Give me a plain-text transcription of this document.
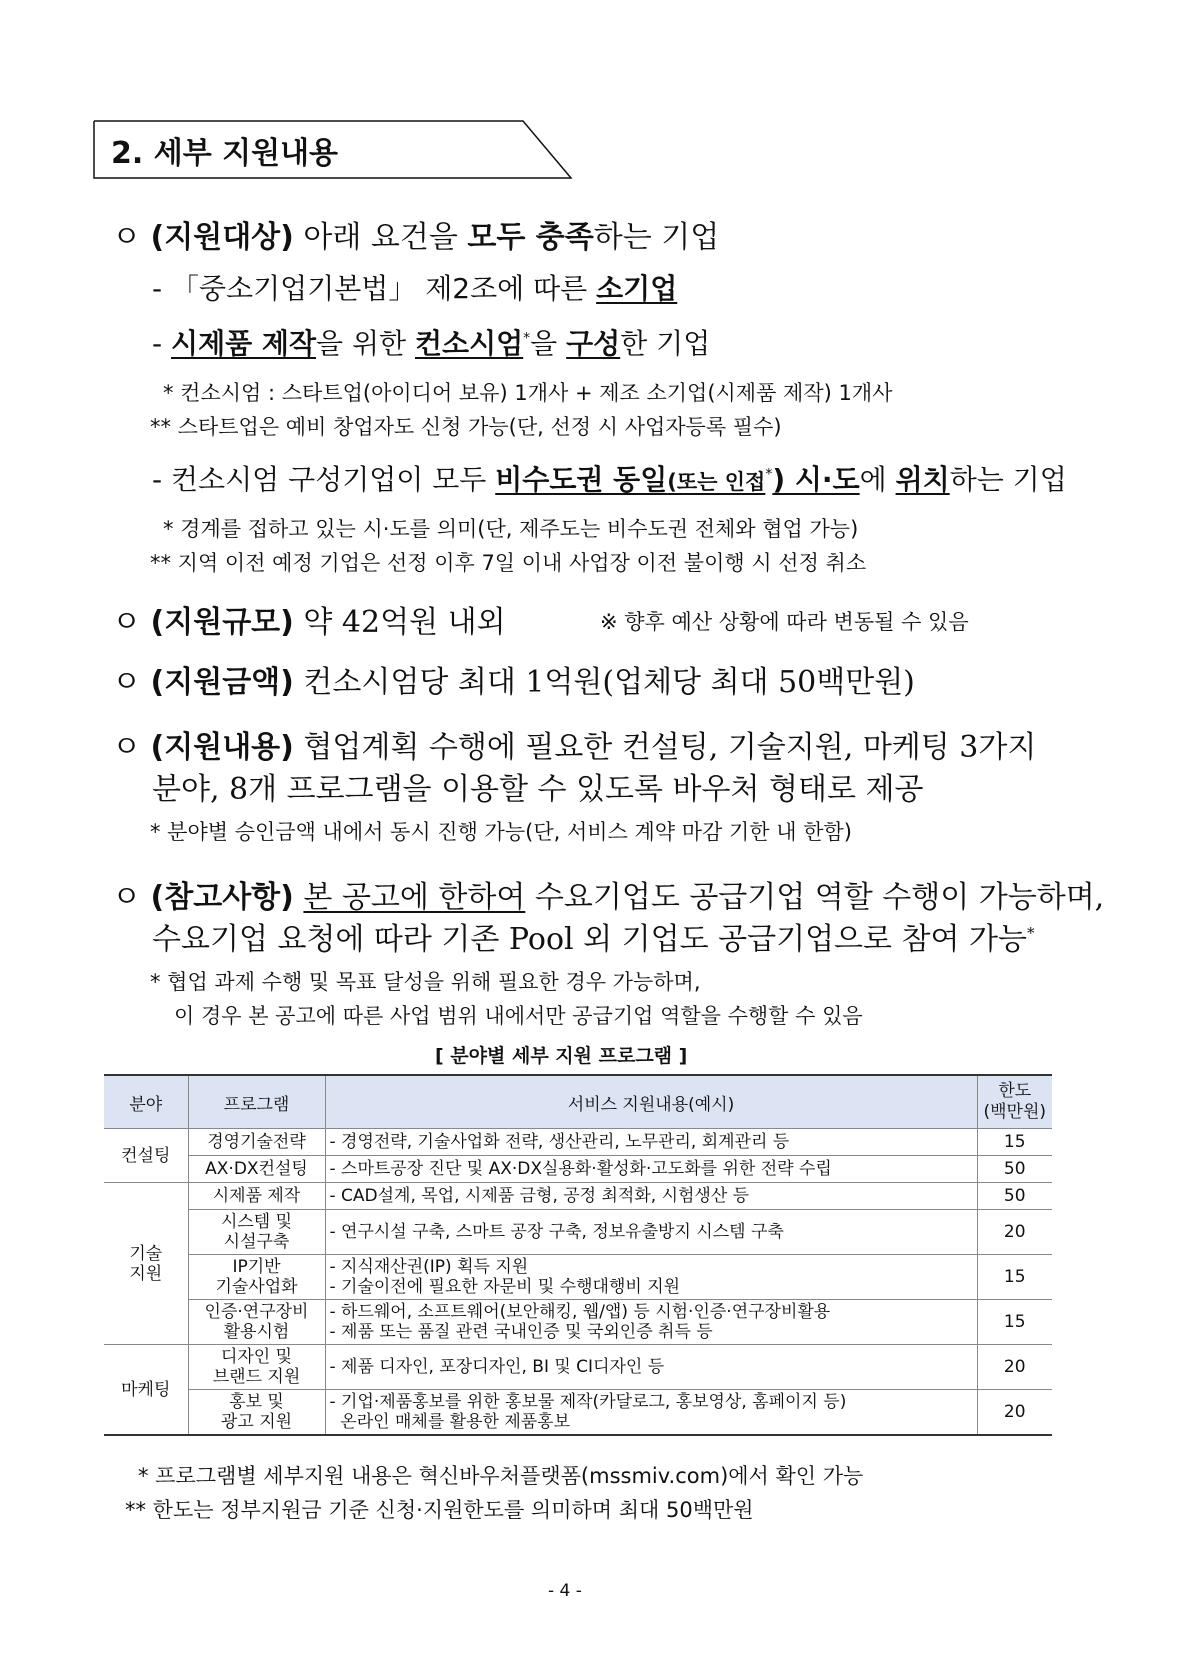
2. 세부 지원내용
ㅇ (지원대상) 아래 요건을 모두 충족하는 기업
- 「중소기업기본법」 제2조에 따른 소기업
- 시제품 제작을 위한 컨소시엄*을 구성한 기업
* 컨소시엄 : 스타트업(아이디어 보유) 1개사 + 제조 소기업(시제품 제작) 1개사
** 스타트업은 예비 창업자도 신청 가능(단, 선정 시 사업자등록 필수)
- 컨소시엄 구성기업이 모두 비수도권 동일(또는 인접*) 시·도에 위치하는 기업
* 경계를 접하고 있는 시·도를 의미(단, 제주도는 비수도권 전체와 협업 가능)
** 지역 이전 예정 기업은 선정 이후 7일 이내 사업장 이전 불이행 시 선정 취소
ㅇ (지원규모) 약 42억원 내외	※ 향후 예산 상황에 따라 변동될 수 있음
ㅇ (지원금액) 컨소시엄당 최대 1억원(업체당 최대 50백만원)
ㅇ (지원내용) 협업계획 수행에 필요한 컨설팅, 기술지원, 마케팅 3가지
분야, 8개 프로그램을 이용할 수 있도록 바우처 형태로 제공
* 분야별 승인금액 내에서 동시 진행 가능(단, 서비스 계약 마감 기한 내 한함)
ㅇ (참고사항) 본 공고에 한하여 수요기업도 공급기업 역할 수행이 가능하며,
수요기업 요청에 따라 기존 Pool 외 기업도 공급기업으로 참여 가능*
* 협업 과제 수행 및 목표 달성을 위해 필요한 경우 가능하며,
이 경우 본 공고에 따른 사업 범위 내에서만 공급기업 역할을 수행할 수 있음
[ 분야별 세부 지원 프로그램 ]
분야	프로그램	서비스 지원내용(예시)	한도
(백만원)

컨설팅	경영기술전략	- 경영전략, 기술사업화 전략, 생산관리, 노무관리, 회계관리 등	15
	AX·DX컨설팅	- 스마트공장 진단 및 AX·DX실용화·활성화·고도화를 위한 전략 수립	50

기술
지원	시제품 제작	- CAD설계, 목업, 시제품 금형, 공정 최적화, 시험생산 등	50

	시스템 및
시설구축	- 연구시설 구축, 스마트 공장 구축, 정보유출방지 시스템 구축	20

	IP기반
기술사업화	- 지식재산권(IP) 획득 지원
- 기술이전에 필요한 자문비 및 수행대행비 지원	15

	인증·연구장비
활용시험	- 하드웨어, 소프트웨어(보안해킹, 웹/앱) 등 시험·인증·연구장비활용
- 제품 또는 품질 관련 국내인증 및 국외인증 취득 등	15
마케팅	디자인 및
브랜드 지원	- 제품 디자인, 포장디자인, BI 및 CI디자인 등	20

	홍보 및
광고 지원	- 기업·제품홍보를 위한 홍보물 제작(카달로그, 홍보영상, 홈페이지 등)
온라인 매체를 활용한 제품홍보	20
* 프로그램별 세부지원 내용은 혁신바우처플랫폼(mssmiv.com)에서 확인 가능
** 한도는 정부지원금 기준 신청·지원한도를 의미하며 최대 50백만원
- 4 -
